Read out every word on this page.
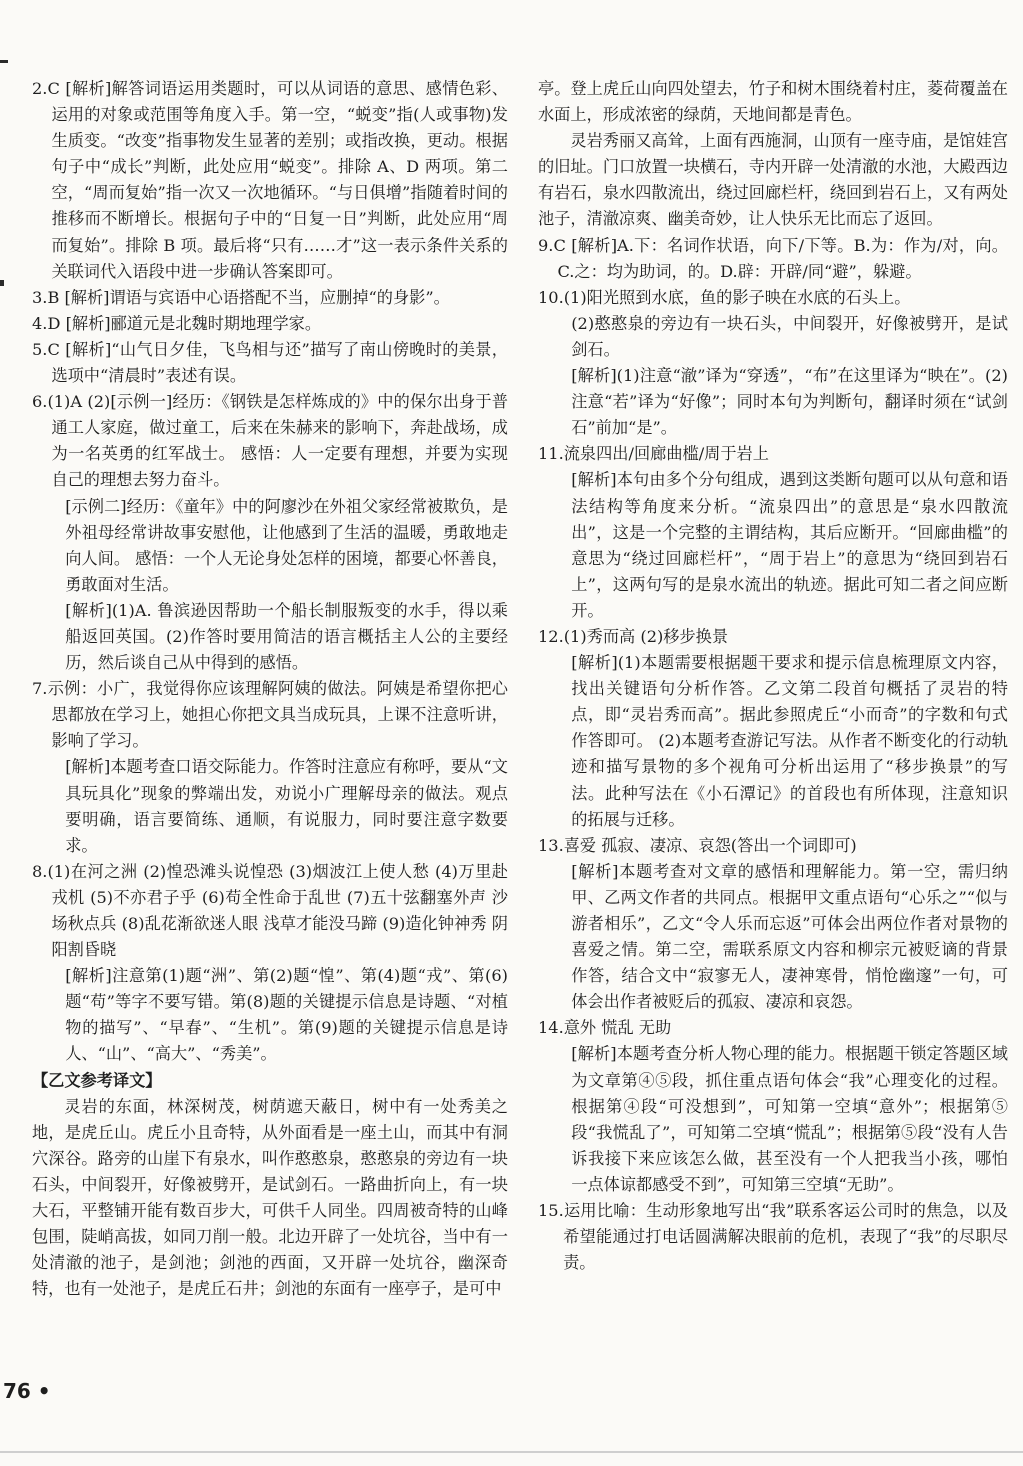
2.C [解析]解答词语运用类题时，可以从词语的意思、感情色彩、运用的对象或范围等角度入手。第一空，“蜕变”指(人或事物)发生质变。“改变”指事物发生显著的差别；或指改换，更动。根据句子中“成长”判断，此处应用“蜕变”。排除 A、D 两项。第二空，“周而复始”指一次又一次地循环。“与日俱增”指随着时间的推移而不断增长。根据句子中的“日复一日”判断，此处应用“周而复始”。排除 B 项。最后将“只有……才”这一表示条件关系的关联词代入语段中进一步确认答案即可。

3.B [解析]谓语与宾语中心语搭配不当，应删掉“的身影”。

4.D [解析]郦道元是北魏时期地理学家。

5.C [解析]“山气日夕佳，飞鸟相与还”描写了南山傍晚时的美景，选项中“清晨时”表述有误。

6.(1)A (2)[示例一]经历：《钢铁是怎样炼成的》中的保尔出身于普通工人家庭，做过童工，后来在朱赫来的影响下，奔赴战场，成为一名英勇的红军战士。 感悟：人一定要有理想，并要为实现自己的理想去努力奋斗。

[示例二]经历：《童年》中的阿廖沙在外祖父家经常被欺负，是外祖母经常讲故事安慰他，让他感到了生活的温暖，勇敢地走向人间。 感悟：一个人无论身处怎样的困境，都要心怀善良，勇敢面对生活。

[解析](1)A. 鲁滨逊因帮助一个船长制服叛变的水手，得以乘船返回英国。(2)作答时要用简洁的语言概括主人公的主要经历，然后谈自己从中得到的感悟。

7.示例：小广，我觉得你应该理解阿姨的做法。阿姨是希望你把心思都放在学习上，她担心你把文具当成玩具，上课不注意听讲，影响了学习。

[解析]本题考查口语交际能力。作答时注意应有称呼，要从“文具玩具化”现象的弊端出发，劝说小广理解母亲的做法。观点要明确，语言要简练、通顺，有说服力，同时要注意字数要求。

8.(1)在河之洲 (2)惶恐滩头说惶恐 (3)烟波江上使人愁 (4)万里赴戎机 (5)不亦君子乎 (6)苟全性命于乱世 (7)五十弦翻塞外声 沙场秋点兵 (8)乱花渐欲迷人眼 浅草才能没马蹄 (9)造化钟神秀 阴阳割昏晓

[解析]注意第(1)题“洲”、第(2)题“惶”、第(4)题“戎”、第(6)题“苟”等字不要写错。第(8)题的关键提示信息是诗题、“对植物的描写”、“早春”、“生机”。第(9)题的关键提示信息是诗人、“山”、“高大”、“秀美”。

【乙文参考译文】

灵岩的东面，林深树茂，树荫遮天蔽日，树中有一处秀美之地，是虎丘山。虎丘小且奇特，从外面看是一座土山，而其中有洞穴深谷。路旁的山崖下有泉水，叫作憨憨泉，憨憨泉的旁边有一块石头，中间裂开，好像被劈开，是试剑石。一路曲折向上，有一块大石，平整铺开能有数百步大，可供千人同坐。四周被奇特的山峰包围，陡峭高拔，如同刀削一般。北边开辟了一处坑谷，当中有一处清澈的池子，是剑池；剑池的西面，又开辟一处坑谷，幽深奇特，也有一处池子，是虎丘石井；剑池的东面有一座亭子，是可中

亭。登上虎丘山向四处望去，竹子和树木围绕着村庄，菱荷覆盖在水面上，形成浓密的绿荫，天地间都是青色。

灵岩秀丽又高耸，上面有西施洞，山顶有一座寺庙，是馆娃宫的旧址。门口放置一块横石，寺内开辟一处清澈的水池，大殿西边有岩石，泉水四散流出，绕过回廊栏杆，绕回到岩石上，又有两处池子，清澈凉爽、幽美奇妙，让人快乐无比而忘了返回。

9.C [解析]A.下：名词作状语，向下/下等。B.为：作为/对，向。C.之：均为助词，的。D.辟：开辟/同“避”，躲避。

10.(1)阳光照到水底，鱼的影子映在水底的石头上。

(2)憨憨泉的旁边有一块石头，中间裂开，好像被劈开，是试剑石。

[解析](1)注意“澈”译为“穿透”，“布”在这里译为“映在”。(2)注意“若”译为“好像”；同时本句为判断句，翻译时须在“试剑石”前加“是”。

11.流泉四出/回廊曲槛/周于岩上

[解析]本句由多个分句组成，遇到这类断句题可以从句意和语法结构等角度来分析。“流泉四出”的意思是“泉水四散流出”，这是一个完整的主谓结构，其后应断开。“回廊曲槛”的意思为“绕过回廊栏杆”，“周于岩上”的意思为“绕回到岩石上”，这两句写的是泉水流出的轨迹。据此可知二者之间应断开。

12.(1)秀而高 (2)移步换景

[解析](1)本题需要根据题干要求和提示信息梳理原文内容，找出关键语句分析作答。乙文第二段首句概括了灵岩的特点，即“灵岩秀而高”。据此参照虎丘“小而奇”的字数和句式作答即可。 (2)本题考查游记写法。从作者不断变化的行动轨迹和描写景物的多个视角可分析出运用了“移步换景”的写法。此种写法在《小石潭记》的首段也有所体现，注意知识的拓展与迁移。

13.喜爱 孤寂、凄凉、哀怨(答出一个词即可)

[解析]本题考查对文章的感悟和理解能力。第一空，需归纳甲、乙两文作者的共同点。根据甲文重点语句“心乐之”“似与游者相乐”，乙文“令人乐而忘返”可体会出两位作者对景物的喜爱之情。第二空，需联系原文内容和柳宗元被贬谪的背景作答，结合文中“寂寥无人，凄神寒骨，悄怆幽邃”一句，可体会出作者被贬后的孤寂、凄凉和哀怨。

14.意外 慌乱 无助

[解析]本题考查分析人物心理的能力。根据题干锁定答题区域为文章第④⑤段，抓住重点语句体会“我”心理变化的过程。根据第④段“可没想到”，可知第一空填“意外”；根据第⑤段“我慌乱了”，可知第二空填“慌乱”；根据第⑤段“没有人告诉我接下来应该怎么做，甚至没有一个人把我当小孩，哪怕一点体谅都感受不到”，可知第三空填“无助”。

15.运用比喻：生动形象地写出“我”联系客运公司时的焦急，以及希望能通过打电话圆满解决眼前的危机，表现了“我”的尽职尽责。

76 •
